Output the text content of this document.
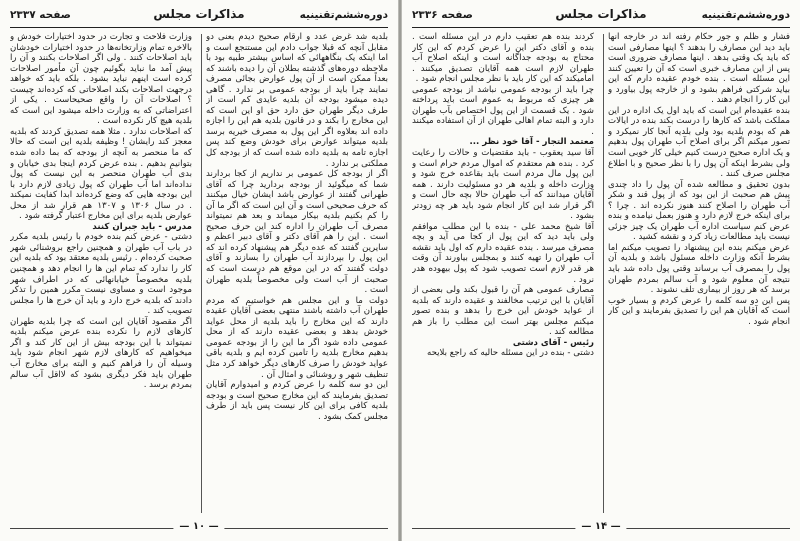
دوره‌ششم‌تقنینیه
مذاکرات مجلس
صفحه ۲۳۳۷

بلدیه شد غرض عدد و ارقام صحیح دیدم بعنی دو مقابل آنچه که قبلا جواب دادم این مستنجع است و اما اینکه یک بنگاههائی که اساس بیشتر طبیه بود با ملاحظه دوره‌های گذشته بطلان آن را دیده باشند که بعداً ممکن است از آن پول عوارض بجائی مصرف نمایند چرا باید از بودجه عمومی بر ندارد . گاهی دیده میشود بودجه آن بلدیه عایدی کم است از طرف دیگر طهران حق دارد حق او این است که این مخارج را بکند و در قانون بلدیه هم این را اجازه داده اند بعلاوه اگر این پول به مصرف خیریه برسد بلدیه میتواند عوارض برای خودش وضع کند پس اجازه تامه به بلدیه داده شده است که از بودجه کل مملکتی بر ندارد .

اگر از بودجه کل عمومی بر نداریم از کجا بردارند شما که میگوئید از بودجه بردارید چرا که آقای طهرانی گفتند از عوارض باشد ایشان خیال میکنند که حرف صحیحی است و آن این است که اگر ما آن را کم بکنیم بلدیه بیکار میماند و بعد هم نمیتواند مصرف آب طهران را اداره کند این حرف صحیح است . این را هم آقای دکتر و آقای دبیر اعظم و سایرین گفتند که عده دیگر هم پیشنهاد کرده اند که این پول را بپردازند آب طهران را بسازند و آقای دولت گفتند که در این موقع هم درست است که صحبت از آب است ولی مخصوصاً بلدیه طهران است .

دولت ما و این مجلس هم خواستیم که مردم طهران آب داشته باشند منتهی بعضی آقایان عقیده دارند که این مخارج را باید بلدیه از محل عواید خودش بدهد و بعضی عقیده دارند که از محل عمومی داده شود اگر ما این را از بودجه عمومی بدهیم مخارج بلدیه را تامین کرده ایم و بلدیه باقی عواید خودش را صرف کارهای دیگر خواهد کرد مثل تنظیف شهر و روشنائی و امثال آن .

این دو سه کلمه را عرض کردم و امیدوارم آقایان تصدیق بفرمایند که این مخارج صحیح است و بودجه بلدیه کافی برای این کار نیست پس باید از طرف مجلس کمک بشود .

وزارت فلاحت و تجارت در حدود اختیارات خودش و بالاخره تمام وزارتخانه‌ها در حدود اختیارات خودشان باید اصلاحات کنند . ولی اگر اصلاحات بکنند و آن را پیش آمد ما نباید بگوئیم چون آن مأمور اصلاحات کرده است اینهم نباید بشود . بلکه باید که خواهد درجهت اصلاحات بکند اصلاحاتی که کرده‌اند چیست ؟ اصلاحات آن را واقع صحیحاست . یکی از اعتراضاتی که به وزارت داخله میشود این است که بلدیه هیچ کار نکرده است .

که اصلاحات ندارد . مثلا همه تصدیق کردند که بلدیه معجز کند رایشان ! وظیفه بلدیه این است که حالا که ما منحصر به آنچه از بودجه که بما داده شده بتوانیم بدهیم . بنده عرض کردم اینجا بدی خیابان و بدی آب طهران منحصر به این نیست که پول نداده‌اند اما آب طهران که پول زیادی لازم دارد با این بودجه هایی که وضع کرده‌اند ابدا کفایت نمیکند . در سال ۱۳۰۶ و ۱۳۰۷ هم قرار شد از محل عوارض بلدیه برای این مخارج اعتبار گرفته شود .

مدرس - باید جبران کنند

دشتی - عرض کنم بنده خودم با رئیس بلدیه مکرر در باب آب طهران و همچنین راجع بروشنائی شهر صحبت کرده‌ام . رئیس بلدیه معتقد بود که بلدیه این کار را ندارد که تمام این ها را انجام دهد و همچنین بلدیه مخصوصاً خیابانهائی که در اطراف شهر موجود است و مساوی نیست مکرر همین را تذکر دادند که بلدیه خرج دارد و باید آن خرج ها را مجلس تصویب کند .

اگر مقصود آقایان این است که چرا بلدیه طهران کارهای لازم را نکرده بنده عرض میکنم بلدیه نمیتواند با این بودجه بیش از این کار کند و اگر میخواهیم که کارهای لازم شهر انجام شود باید وسیله آن را فراهم کنیم و البته برای مخارج آب طهران باید فکر دیگری بشود که لااقل آب سالم بمردم برسد .

— ۱۰ —
دوره‌ششم‌تقنینیه
مذاکرات مجلس
صفحه ۲۳۳۶

فشار و ظلم و جور حکام رفته اند در خارجه آنها باید دید این مصارف را بدهند ؟ اینها مصارفی است که باید یک وقتی بدهد . اینها مصارف ضروری است پس از این مصارف خبری است که آن را تعیین کنند این مسئله است . بنده خودم عقیده دارم که این بیاید شرکتی فراهم بشود و از خارجه پول بیاورد و این کار را انجام دهند .

بنده عقیده‌ام این است که باید اول یک اداره در این مملکت باشد که کارها را درست بکند بنده در ایالات هم که بودم بلدیه بود ولی بلدیه آنجا کار نمیکرد و تصور میکنم اگر برای اصلاح آب طهران پول بدهیم و یک اداره صحیح درست کنیم خیلی کار خوبی است ولی بشرط اینکه آن پول را با نظر صحیح و با اطلاع مجلس صرف کنند .

بدون تحقیق و مطالعه شده آن پول را داد چندی پیش هم صحبت از این بود که از پول قند و شکر آب طهران را اصلاح کنند هنوز نکرده اند . چرا ؟ برای اینکه خرج لازم دارد و هنوز بعمل نیامده و بنده عرض کنم سیاست اداره آب طهران یک چیز جزئی نیست باید مطالعات زیاد کرد و نقشه کشید .

عرض میکنم بنده این پیشنهاد را تصویب میکنم اما بشرط آنکه وزارت داخله مسئول باشد و بلدیه آن پول را بمصرف آب برساند وقتی پول داده شد باید نتیجه آن معلوم شود و آب سالم بمردم طهران برسد که هر روز از بیماری تلف نشوند .

پس این دو سه کلمه را عرض کردم و بسیار خوب است که آقایان هم این را تصدیق بفرمایند و این کار انجام شود .

کردند بنده هم تعقیب دارم در این مسئله است . بنده و آقای دکتر این را عرض کردم که این کار محتاج به بودجه جداگانه است و اینکه اصلاح آب طهران لازم است همه آقایان تصدیق میکنند . امامیکند که این کار باید با نظر مجلس انجام شود .

چرا باید از بودجه عمومی نباشد از بودجه عمومی هر چیزی که مربوط به عموم است باید پرداخته شود . یک قسمت از این پول اختصاص بآب طهران دارد و البته تمام اهالی طهران از آن استفاده میکنند .

معتمد التجار - آقا خود نظر ...

آقا سید یعقوب - باید مقتضیات و حالات را رعایت کرد . بنده هم معتقدم که اموال مردم حرام است و این پول مال مردم است باید بقاعده خرج شود و وزارت داخله و بلدیه هر دو مسئولیت دارند . همه آقایان میدانند که آب طهران حالا بچه حال است و اگر قرار شد این کار انجام شود باید هر چه زودتر بشود .

آقا شیخ محمد علی - بنده با این مطلب موافقم ولی باید دید که این پول از کجا می آید و بچه مصرف میرسد . بنده عقیده دارم که اول باید نقشه آب طهران را تهیه کنند و بمجلس بیاورند آن وقت هر قدر لازم است تصویب شود که پول بیهوده هدر نرود .

مصارف عمومی هم آن را قبول بکند ولی بعضی از آقایان با این ترتیب مخالفند و عقیده دارند که بلدیه از عواید خودش این خرج را بدهد و بنده تصور میکنم مجلس بهتر است این مطلب را باز هم مطالعه کند .

رئیس - آقای دشتی

دشتی - بنده در این مسئله حالیه که راجع بلایحه

— ۱۴ —
